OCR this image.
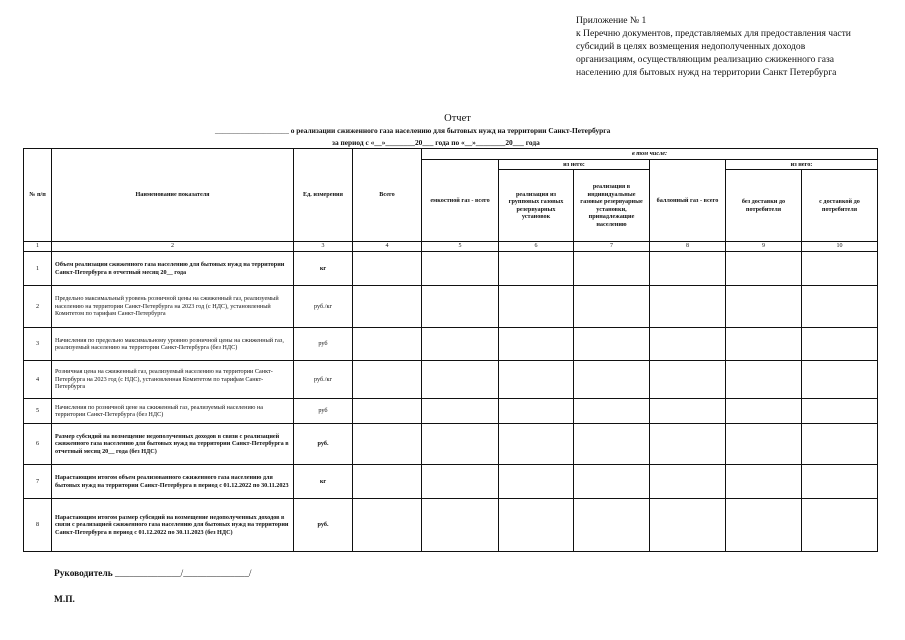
Приложение № 1
к Перечню документов, представляемых для предоставления части
субсидий в целях возмещения недополученных доходов
организациям, осуществляющим реализацию сжиженного газа
населению для бытовых нужд на территории Санкт Петербурга
Отчет
____________________ о реализации сжиженного газа населению для бытовых нужд на территории Санкт-Петербурга
за период с «__»________20___ года по «__»________20___ года
№ п/п	Наименование показателя	Ед. измерения	Всего	в том числе:					
				емкостной газ - всего	из него:		баллонный газ - всего	из него:	
					реализация из групповых газовых резервуарных установок	реализация в индивидуальные газовые резервуарные установки, принадлежащие населению		без доставки до потребителя	с доставкой до потребителя
1	2	3	4	5	6	7	8	9	10
1	Объем реализации сжиженного газа населению для бытовых нужд на территории Санкт-Петербурга в отчетный месяц 20__ года	кг							
2	Предельно максимальный уровень розничной цены на сжиженный газ, реализуемый населению на территории Санкт-Петербурга на 2023 год (с НДС), установленный Комитетом по тарифам Санкт-Петербурга	руб./кг							
3	Начисления по предельно максимальному уровню розничной цены на сжиженный газ, реализуемый населению на территории Санкт-Петербурга (без НДС)	руб							
4	Розничная цена на сжиженный газ, реализуемый населению на территории Санкт-Петербурга на 2023 год (с НДС), установленная Комитетом по тарифам Санкт-Петербурга	руб./кг							
5	Начисления по розничной цене на сжиженный газ, реализуемый населению на территории Санкт-Петербурга (без НДС)	руб							
6	Размер субсидий на возмещение недополученных доходов в связи с реализацией сжиженного газа населению для бытовых нужд на территории Санкт-Петербурга в отчетный месяц 20__ года (без НДС)	руб.							
7	Нарастающим итогом объем реализованного сжиженного газа населению для бытовых нужд на территории Санкт-Петербурга в период с 01.12.2022 по 30.11.2023	кг							
8	Нарастающим итогом размер субсидий на возмещение недополученных доходов в связи с реализацией сжиженного газа населению для бытовых нужд на территории Санкт-Петербурга в период с 01.12.2022 по 30.11.2023 (без НДС)	руб.							
Руководитель ______________/______________/
М.П.
